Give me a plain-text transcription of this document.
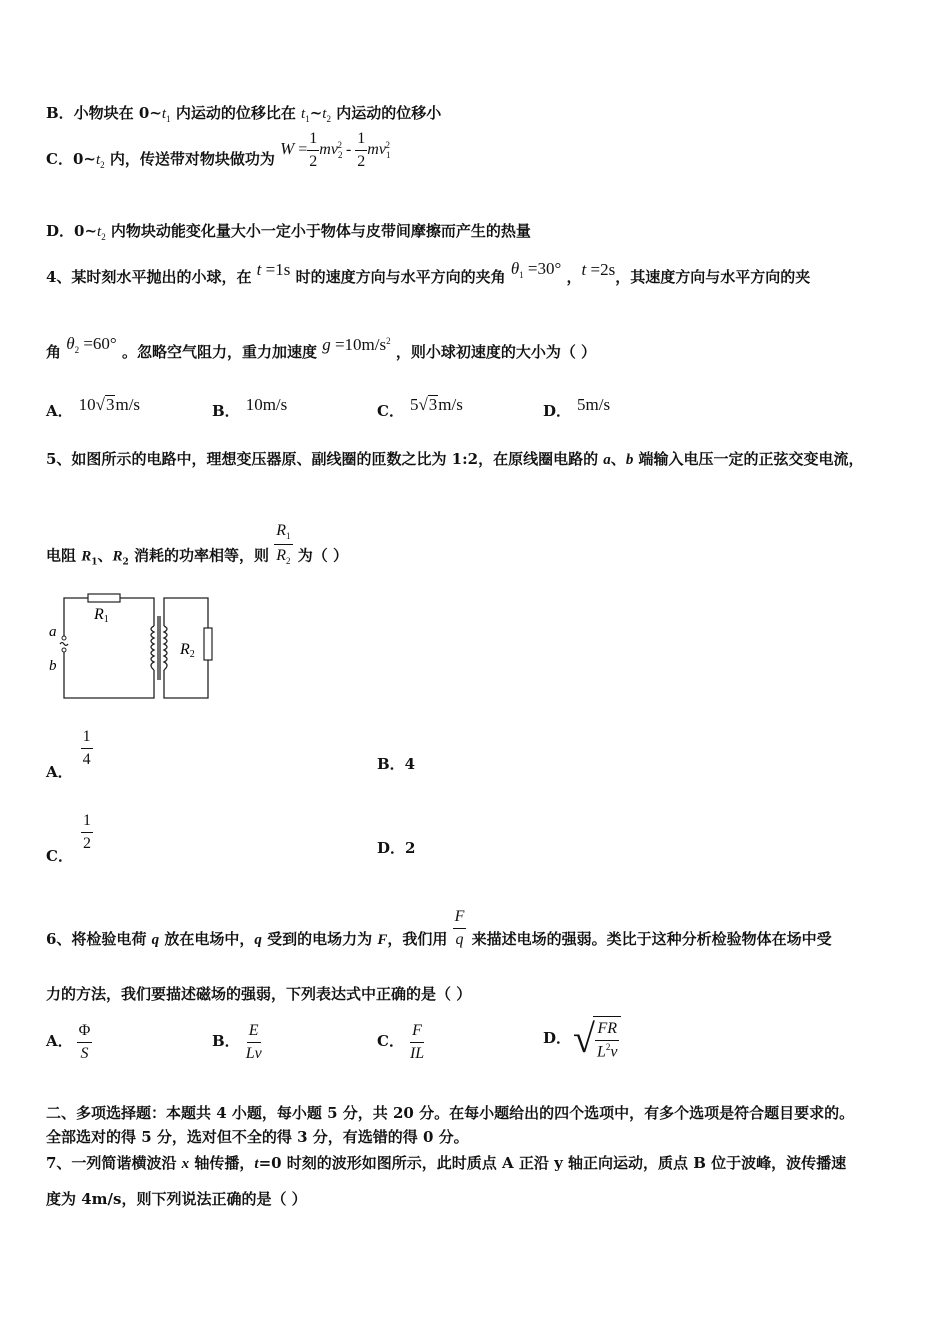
B．小物块在 $0\sim t_1$ 内运动的位移比在 $t_1\sim t_2$ 内运动的位移小
C．$0\sim t_2$ 内，传送带对物块做功为 $W = \frac{1}{2} mv_2^2 - \frac{1}{2} mv_1^2$
D．$0\sim t_2$ 内物块动能变化量大小一定小于物体与皮带间摩擦而产生的热量
4、某时刻水平抛出的小球，在 t =1s 时的速度方向与水平方向的夹角 $\theta_1 =30^\circ$ ，t =2s，其速度方向与水平方向的夹
角 $\theta_2 =60^\circ$ 。忽略空气阻力，重力加速度 $g =10m/s^2$ ，则小球初速度的大小为（ ）
A． 10√3m/s	B． 10m/s	C． 5√3m/s	D． 5m/s
5、如图所示的电路中，理想变压器原、副线圈的匝数之比为 1:2，在原线圈电路的 a、b 端输入电压一定的正弦交变电流，
电阻 $R_1$、$R_2$ 消耗的功率相等，则 $\frac{R_1}{R_2}$ 为（ ）
R1
R2
a
b
A．
$\frac{1}{4}$	B．4
C．
$\frac{1}{2}$	D．2
6、将检验电荷 q 放在电场中，q 受到的电场力为 F，我们用 $\frac{F}{q}$ 来描述电场的强弱。类比于这种分析检验物体在场中受
力的方法，我们要描述磁场的强弱，下列表达式中正确的是（ ）
A． $\frac{\Phi}{S}$	B． $\frac{E}{Lv}$	C． $\frac{F}{IL}$	D． √ $\frac{FR}{L^2v}$
二、多项选择题：本题共 4 小题，每小题 5 分，共 20 分。在每小题给出的四个选项中，有多个选项是符合题目要求的。
全部选对的得 5 分，选对但不全的得 3 分，有选错的得 0 分。
7、一列简谐横波沿 x 轴传播，t=0 时刻的波形如图所示，此时质点 A 正沿 y 轴正向运动，质点 B 位于波峰，波传播速
度为 4m/s，则下列说法正确的是（ ）
